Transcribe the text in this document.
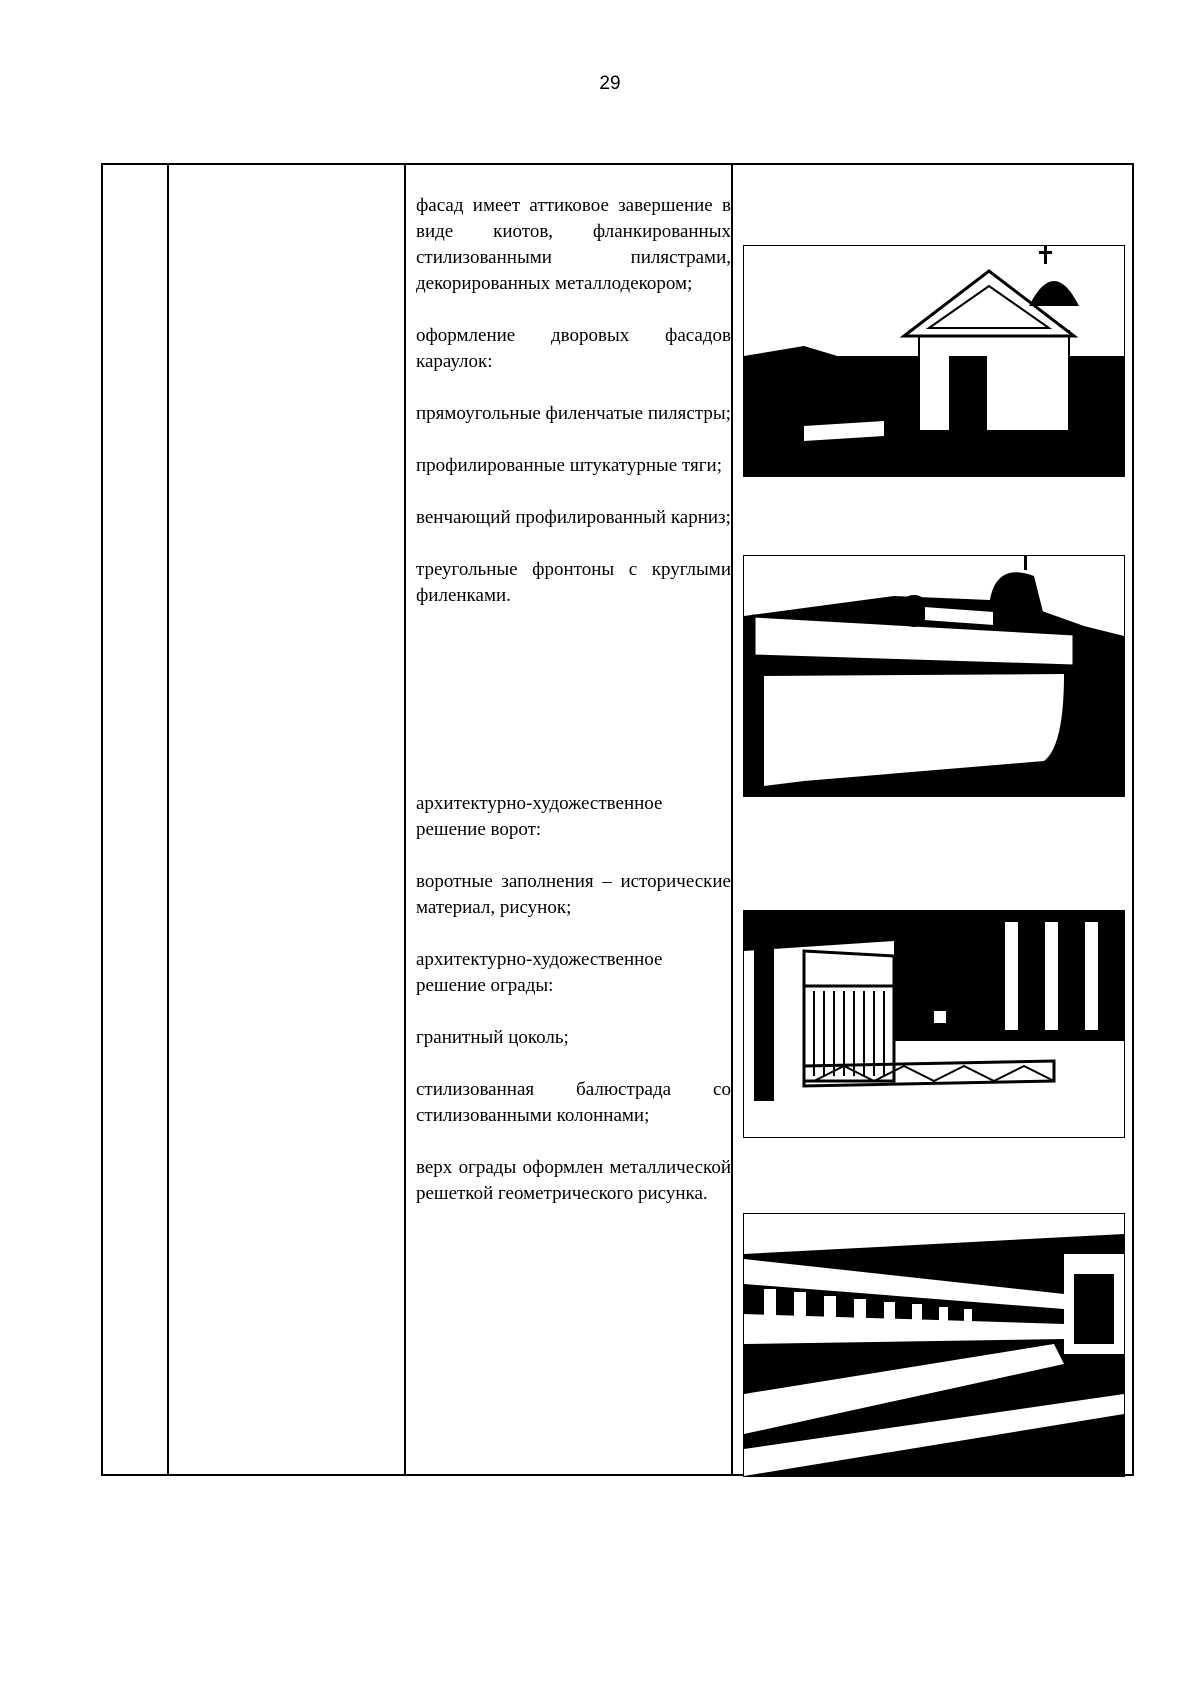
29

фасад имеет аттиковое завершение в виде киотов, фланкированных стилизованными пилястрами, декорированных металлодекором;

оформление дворовых фасадов караулок:

прямоугольные филенчатые пилястры;

профилированные штукатурные тяги;

венчающий профилированный карниз;

треугольные фронтоны с круглыми филенками.

архитектурно-художественное решение ворот:

воротные заполнения – исторические материал, рисунок;

архитектурно-художественное решение ограды:

гранитный цоколь;

стилизованная балюстрада со стилизованными колоннами;

верх ограды оформлен металлической решеткой геометрического рисунка.
